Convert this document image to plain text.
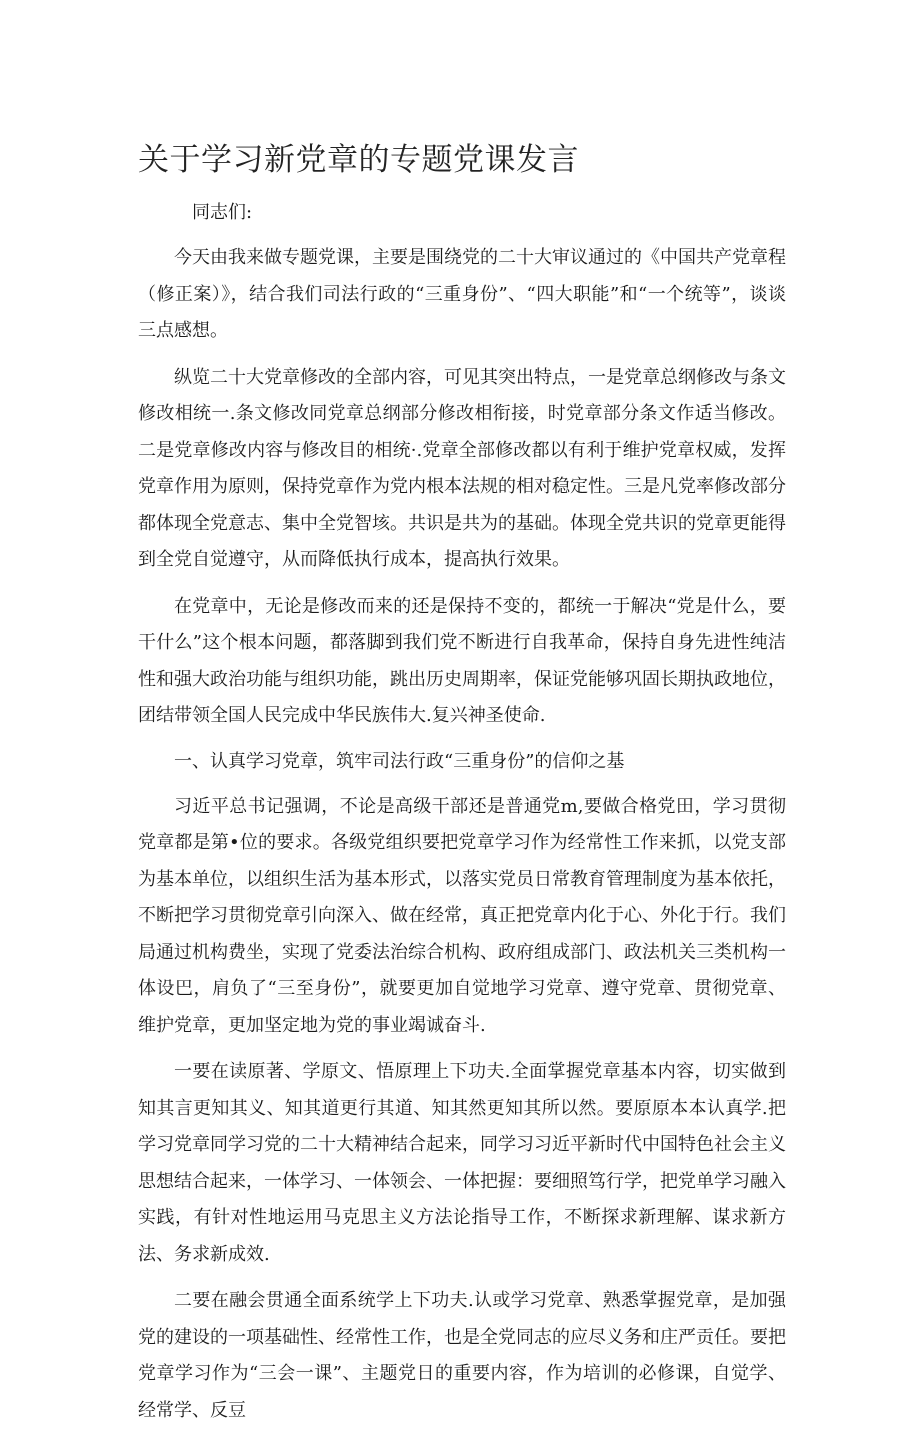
关于学习新党章的专题党课发言

同志们:

今天由我来做专题党课，主要是围绕党的二十大审议通过的《中国共产党章程（修正案）》，结合我们司法行政的“三重身份”、“四大职能”和“一个统等”，谈谈三点感想。

纵览二十大党章修改的全部内容，可见其突出特点，一是党章总纲修改与条文修改相统一.条文修改同党章总纲部分修改相衔接，时党章部分条文作适当修改。二是党章修改内容与修改目的相统·.党章全部修改都以有利于维护党章权威，发挥党章作用为原则，保持党章作为党内根本法规的相对稳定性。三是凡党率修改部分都体现全党意志、集中全党智垓。共识是共为的基础。体现全党共识的党章更能得到全党自觉遵守，从而降低执行成本，提高执行效果。

在党章中，无论是修改而来的还是保持不变的，都统一于解决“党是什么，要干什么”这个根本问题，都落脚到我们党不断进行自我革命，保持自身先进性纯洁性和强大政治功能与组织功能，跳出历史周期率，保证党能够巩固长期执政地位，团结带领全国人民完成中华民族伟大.复兴神圣使命.

一、认真学习党章，筑牢司法行政“三重身份”的信仰之基

习近平总书记强调，不论是高级干部还是普通党m,要做合格党田，学习贯彻党章都是第•位的要求。各级党组织要把党章学习作为经常性工作来抓，以党支部为基本单位，以组织生活为基本形式，以落实党员日常教育管理制度为基本依托，不断把学习贯彻党章引向深入、做在经常，真正把党章内化于心、外化于行。我们局通过机构费坐，实现了党委法治综合机构、政府组成部门、政法机关三类机构一体设巴，肩负了“三至身份”，就要更加自觉地学习党章、遵守党章、贯彻党章、维护党章，更加坚定地为党的事业竭诚奋斗.

一要在读原著、学原文、悟原理上下功夫.全面掌握党章基本内容，切实做到知其言更知其义、知其道更行其道、知其然更知其所以然。要原原本本认真学.把学习党章同学习党的二十大精神结合起来，同学习习近平新时代中国特色社会主义思想结合起来，一体学习、一体领会、一体把握：要细照笃行学，把党单学习融入实践，有针对性地运用马克思主义方法论指导工作，不断探求新理解、谋求新方法、务求新成效.

二要在融会贯通全面系统学上下功夫.认或学习党章、熟悉掌握党章，是加强党的建设的一项基础性、经常性工作，也是全党同志的应尽义务和庄严贡任。要把党章学习作为“三会一课”、主题党日的重要内容，作为培训的必修课，自觉学、经常学、反豆
